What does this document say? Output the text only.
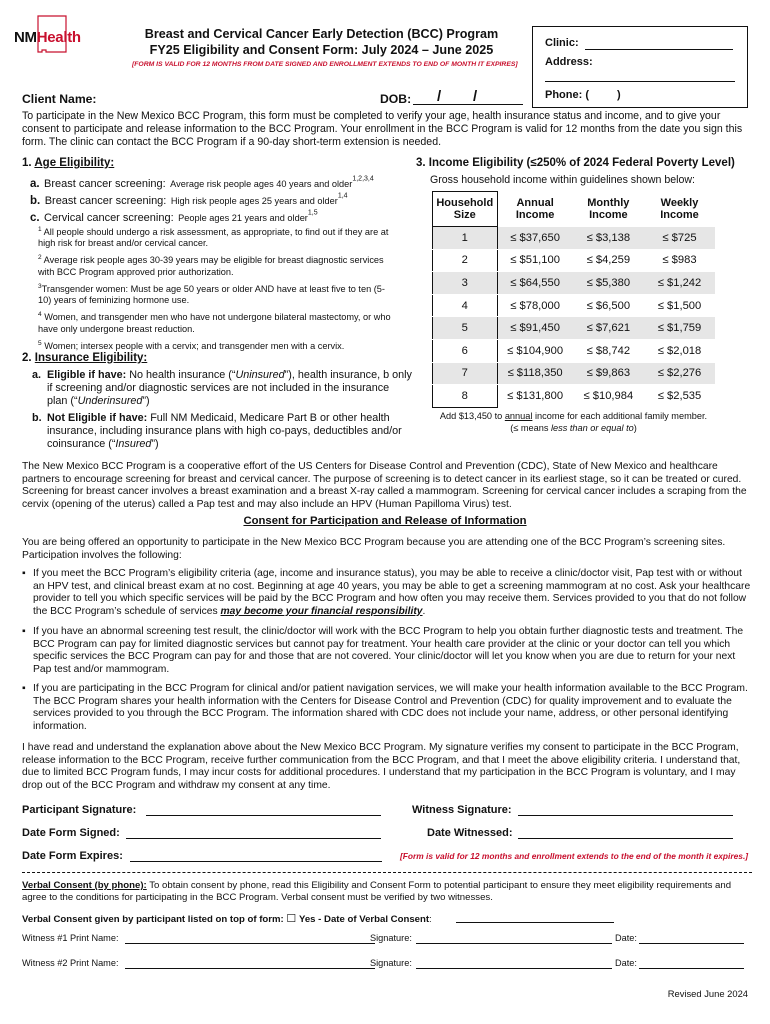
NMHealth	Breast and Cervical Cancer Early Detection (BCC) Program
FY25 Eligibility and Consent Form: July 2024 – June 2025
[FORM IS VALID FOR 12 MONTHS FROM DATE SIGNED AND ENROLLMENT EXTENDS TO END OF MONTH IT EXPIRES]
Clinic:
Address:
Phone: (	)
Client Name:	DOB: / /
To participate in the New Mexico BCC Program, this form must be completed to verify your age, health insurance status and income, and to give your consent to participate and release information to the BCC Program. Your enrollment in the BCC Program is valid for 12 months from the date you sign this form. The clinic can contact the BCC Program if a 90-day short-term extension is needed.
1. Age Eligibility:
a. Breast cancer screening: Average risk people ages 40 years and older$^{1,2,3,4}$
b. Breast cancer screening: High risk people ages 25 years and older$^{1,4}$
c. Cervical cancer screening: People ages 21 years and older$^{1,5}$
$^1$ All people should undergo a risk assessment, as appropriate, to find out if they are at high risk for breast and/or cervical cancer.
$^2$ Average risk people ages 30-39 years may be eligible for breast diagnostic services with BCC Program approved prior authorization.
$^3$Transgender women: Must be age 50 years or older AND have at least five to ten (5-10) years of feminizing hormone use.
$^4$ Women, and transgender men who have not undergone bilateral mastectomy, or who have only undergone breast reduction.
$^5$ Women; intersex people with a cervix; and transgender men with a cervix.
2. Insurance Eligibility:
a. Eligible if have: No health insurance (“Uninsured”), health insurance, b only if screening and/or diagnostic services are not included in the insurance plan (“Underinsured”)
b. Not Eligible if have: Full NM Medicaid, Medicare Part B or other health insurance, including insurance plans with high co-pays, deductibles and/or coinsurance (“Insured”)
3. Income Eligibility (≤250% of 2024 Federal Poverty Level)
Gross household income within guidelines shown below:
Household Size	Annual Income	Monthly Income	Weekly Income
1	≤ $37,650	≤ $3,138	≤ $725
2	≤ $51,100	≤ $4,259	≤ $983
3	≤ $64,550	≤ $5,380	≤ $1,242
4	≤ $78,000	≤ $6,500	≤ $1,500
5	≤ $91,450	≤ $7,621	≤ $1,759
6	≤ $104,900	≤ $8,742	≤ $2,018
7	≤ $118,350	≤ $9,863	≤ $2,276
8	≤ $131,800	≤ $10,984	≤ $2,535
Add $13,450 to annual income for each additional family member.
(≤ means less than or equal to)
The New Mexico BCC Program is a cooperative effort of the US Centers for Disease Control and Prevention (CDC), State of New Mexico and healthcare partners to encourage screening for breast and cervical cancer. The purpose of screening is to detect cancer in its earliest stage, so it can be treated or cured. Screening for breast cancer involves a breast examination and a breast X-ray called a mammogram. Screening for cervical cancer includes a scraping from the cervix (opening of the uterus) called a Pap test and may also include an HPV (Human Papilloma Virus) test.
Consent for Participation and Release of Information
You are being offered an opportunity to participate in the New Mexico BCC Program because you are attending one of the BCC Program’s screening sites. Participation involves the following:
▪ If you meet the BCC Program’s eligibility criteria (age, income and insurance status), you may be able to receive a clinic/doctor visit, Pap test with or without an HPV test, and clinical breast exam at no cost. Beginning at age 40 years, you may be able to get a screening mammogram at no cost. Ask your healthcare provider to tell you which specific services will be paid by the BCC Program and how often you may receive them. Services provided to you that do not follow the BCC Program’s schedule of services may become your financial responsibility.
▪ If you have an abnormal screening test result, the clinic/doctor will work with the BCC Program to help you obtain further diagnostic tests and treatment. The BCC Program can pay for limited diagnostic services but cannot pay for treatment. Your health care provider at the clinic or your doctor can tell you which specific services the BCC Program can pay for and those that are not covered. Your clinic/doctor will let you know when you are due to return for your next Pap test and/or mammogram.
▪ If you are participating in the BCC Program for clinical and/or patient navigation services, we will make your health information available to the BCC Program. The BCC Program shares your health information with the Centers for Disease Control and Prevention (CDC) for quality improvement and to evaluate the services provided to you through the BCC Program. The information shared with CDC does not include your name, address, or other personal identifying information.
I have read and understand the explanation above about the New Mexico BCC Program. My signature verifies my consent to participate in the BCC Program, release information to the BCC Program, receive further communication from the BCC Program, and that I meet the above eligibility criteria. I understand that, due to limited BCC Program funds, I may incur costs for additional procedures. I understand that my participation in the BCC Program is voluntary, and I may drop out of the BCC Program and withdraw my consent at any time.
Participant Signature:	Witness Signature:
Date Form Signed:	Date Witnessed:
Date Form Expires:	[Form is valid for 12 months and enrollment extends to the end of the month it expires.]
Verbal Consent (by phone): To obtain consent by phone, read this Eligibility and Consent Form to potential participant to ensure they meet eligibility requirements and agree to the conditions for participating in the BCC Program. Verbal consent must be verified by two witnesses.
Verbal Consent given by participant listed on top of form: ☐ Yes - Date of Verbal Consent:
Witness #1 Print Name:	Signature:	Date:
Witness #2 Print Name:	Signature:	Date:
Revised June 2024
